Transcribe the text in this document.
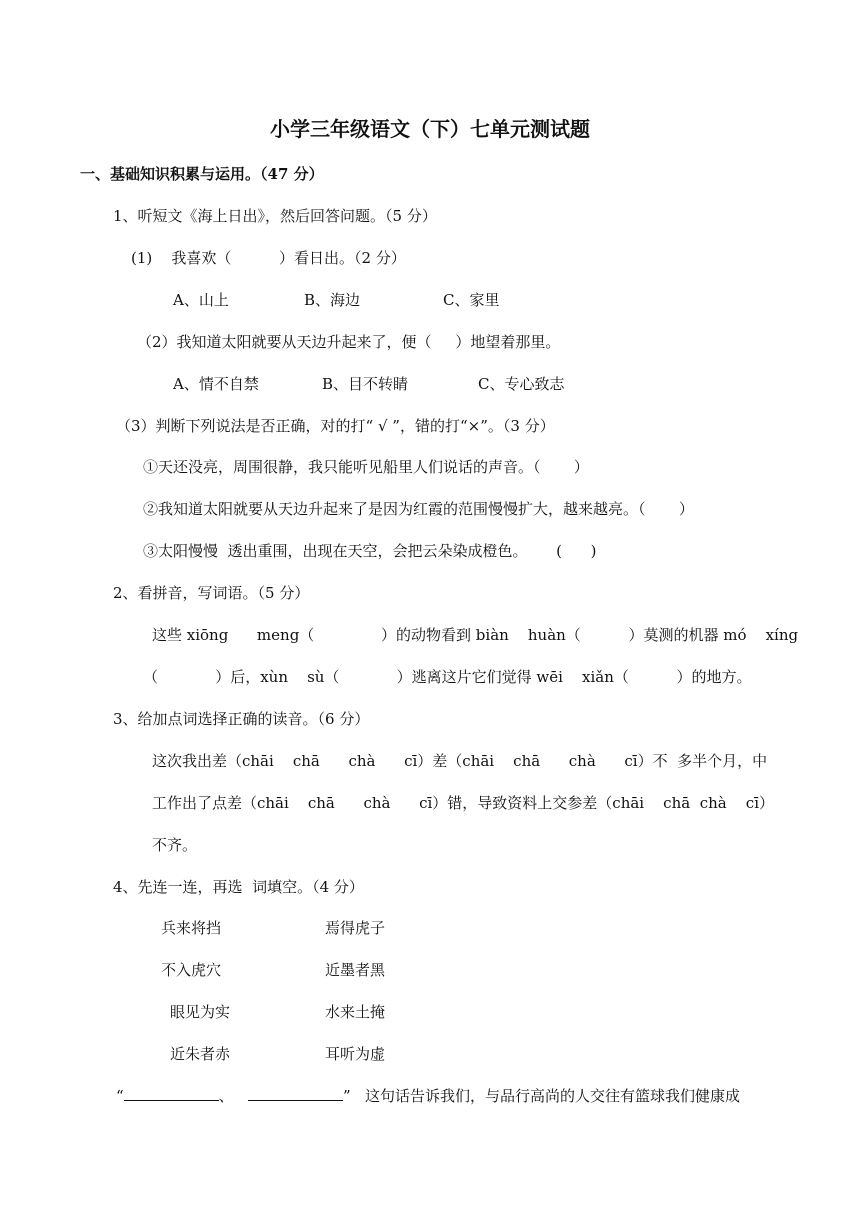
小学三年级语文（下）七单元测试题
一、基础知识积累与运用。（47 分）
1、听短文《海上日出》，然后回答问题。（5 分）
(1)    我喜欢（          ）看日出。（2 分）
A、山上	B、海边	C、家里
（2）我知道太阳就要从天边升起来了，便（     ）地望着那里。
A、情不自禁	B、目不转睛	C、专心致志
（3）判断下列说法是否正确，对的打“ √ ”，错的打“×”。（3 分）
①天还没亮，周围很静，我只能听见船里人们说话的声音。（       ）
②我知道太阳就要从天边升起来了是因为红霞的范围慢慢扩大，越来越亮。（       ）
③太阳慢慢  透出重围，出现在天空，会把云朵染成橙色。      (      )
2、看拼音，写词语。（5 分）
这些 xiōng      meng（              ）的动物看到 biàn    huàn（          ）莫测的机器 mó    xíng
（            ）后，xùn    sù（            ）逃离这片它们觉得 wēi    xiǎn（          ）的地方。
3、给加点词选择正确的读音。（6 分）
这次我出差（chāi    chā      chà      cī）差（chāi    chā      chà      cī）不  多半个月，中
工作出了点差（chāi    chā      chà      cī）错，导致资料上交参差（chāi    chā  chà    cī）
不齐。
4、先连一连，再选  词填空。（4 分）
兵来将挡	焉得虎子
不入虎穴	近墨者黑
眼见为实	水来土掩
近朱者赤	耳听为虚
“	、	” 这句话告诉我们，与品行高尚的人交往有篮球我们健康成
